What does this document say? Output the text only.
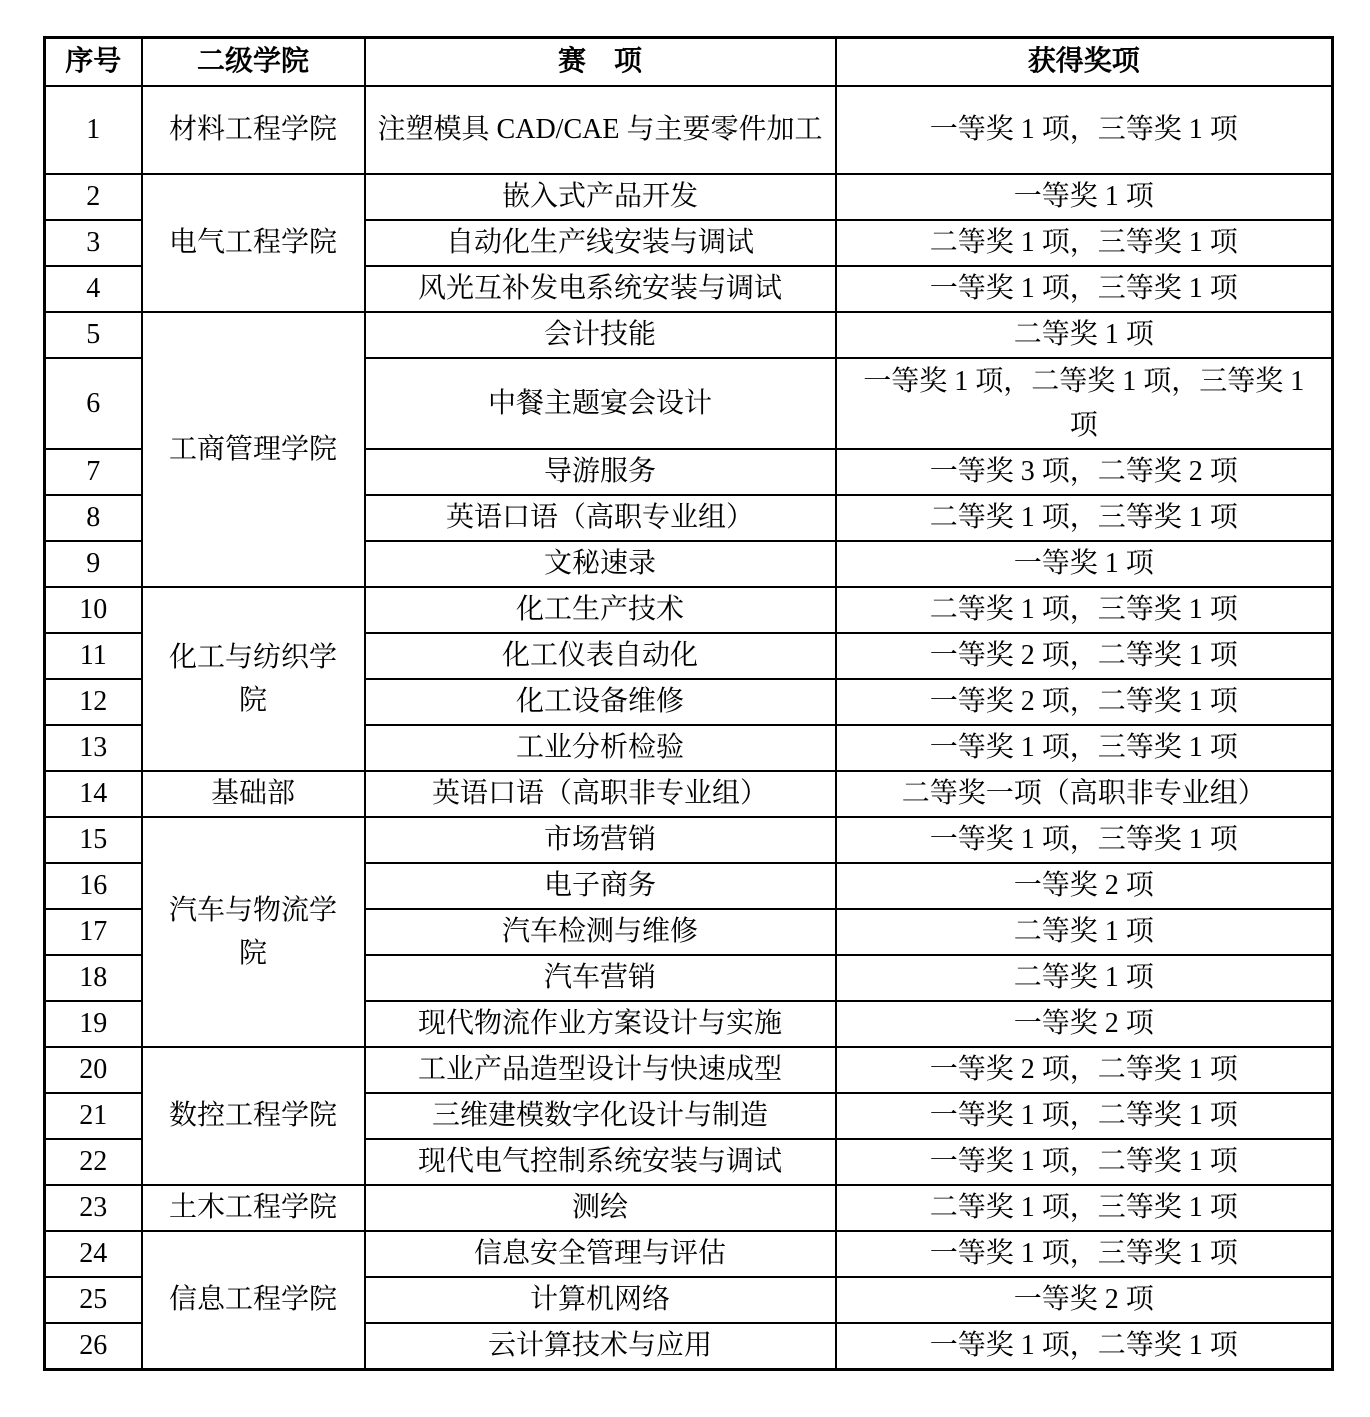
序号	二级学院	赛　项	获得奖项
1	材料工程学院	注塑模具 CAD/CAE 与主要零件加工	一等奖 1 项，三等奖 1 项
2	电气工程学院	嵌入式产品开发	一等奖 1 项
3		自动化生产线安装与调试	二等奖 1 项，三等奖 1 项
4		风光互补发电系统安装与调试	一等奖 1 项，三等奖 1 项
5	工商管理学院	会计技能	二等奖 1 项
6		中餐主题宴会设计	一等奖 1 项，二等奖 1 项，三等奖 1 项
7		导游服务	一等奖 3 项，二等奖 2 项
8		英语口语（高职专业组）	二等奖 1 项，三等奖 1 项
9		文秘速录	一等奖 1 项
10	化工与纺织学院	化工生产技术	二等奖 1 项，三等奖 1 项
11		化工仪表自动化	一等奖 2 项，二等奖 1 项
12		化工设备维修	一等奖 2 项，二等奖 1 项
13		工业分析检验	一等奖 1 项，三等奖 1 项
14	基础部	英语口语（高职非专业组）	二等奖一项（高职非专业组）
15	汽车与物流学院	市场营销	一等奖 1 项，三等奖 1 项
16		电子商务	一等奖 2 项
17		汽车检测与维修	二等奖 1 项
18		汽车营销	二等奖 1 项
19		现代物流作业方案设计与实施	一等奖 2 项
20	数控工程学院	工业产品造型设计与快速成型	一等奖 2 项，二等奖 1 项
21		三维建模数字化设计与制造	一等奖 1 项，二等奖 1 项
22		现代电气控制系统安装与调试	一等奖 1 项，二等奖 1 项
23	土木工程学院	测绘	二等奖 1 项，三等奖 1 项
24	信息工程学院	信息安全管理与评估	一等奖 1 项，三等奖 1 项
25		计算机网络	一等奖 2 项
26		云计算技术与应用	一等奖 1 项，二等奖 1 项
